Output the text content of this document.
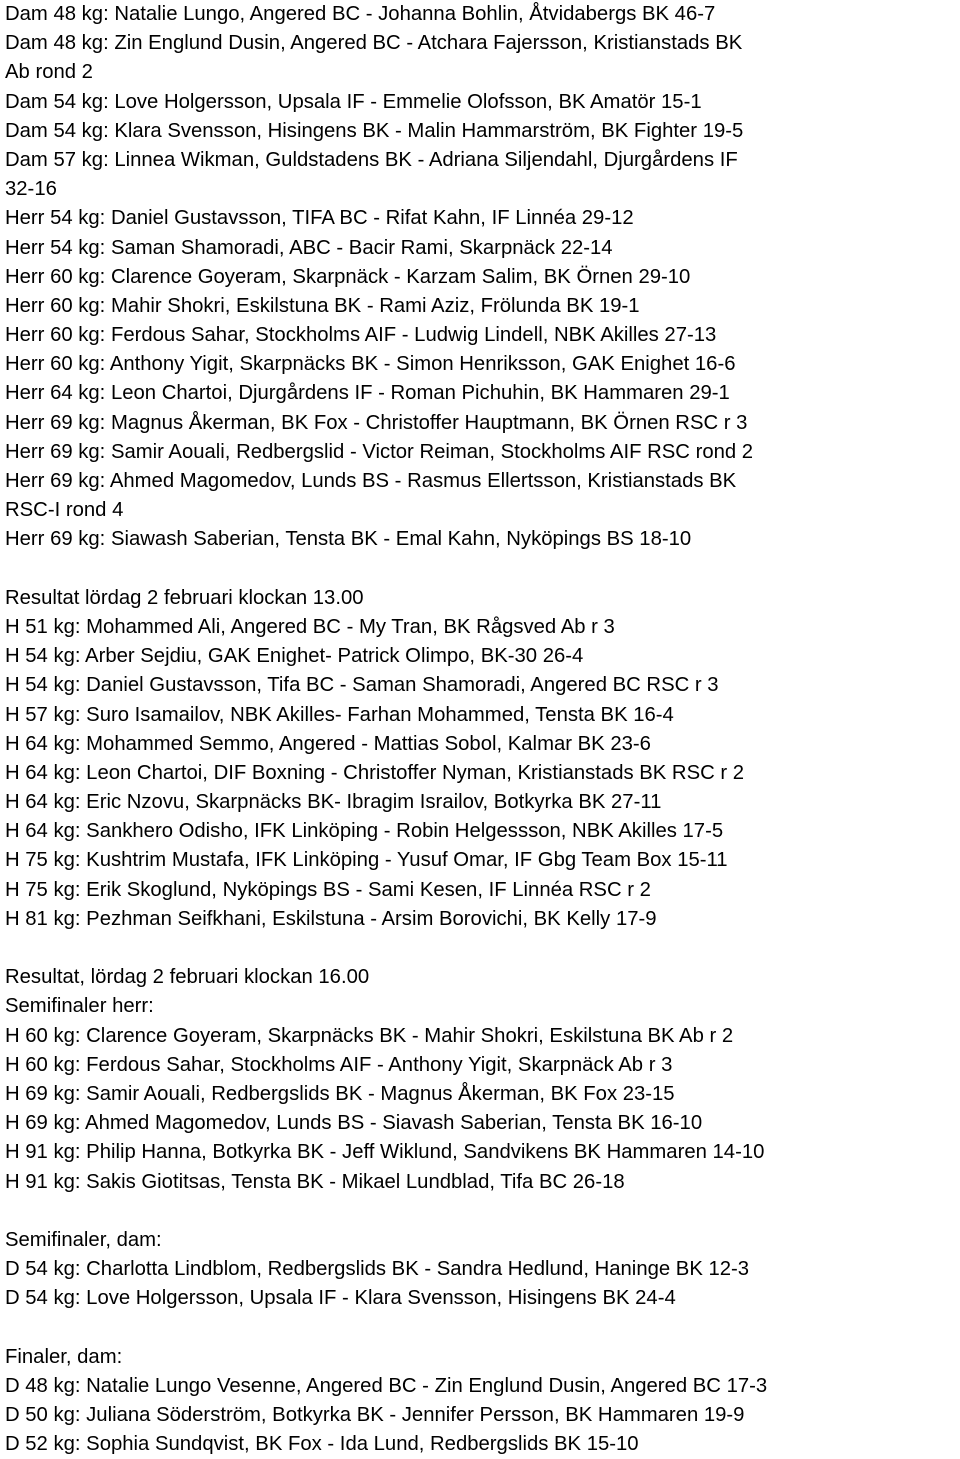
Dam 48 kg: Natalie Lungo, Angered BC - Johanna Bohlin, Åtvidabergs BK 46-7
Dam 48 kg: Zin Englund Dusin, Angered BC - Atchara Fajersson, Kristianstads BK
Ab rond 2
Dam 54 kg: Love Holgersson, Upsala IF - Emmelie Olofsson, BK Amatör 15-1
Dam 54 kg: Klara Svensson, Hisingens BK - Malin Hammarström, BK Fighter 19-5
Dam 57 kg: Linnea Wikman, Guldstadens BK - Adriana Siljendahl, Djurgårdens IF
32-16
Herr 54 kg: Daniel Gustavsson, TIFA BC - Rifat Kahn, IF Linnéa 29-12
Herr 54 kg: Saman Shamoradi, ABC - Bacir Rami, Skarpnäck 22-14
Herr 60 kg: Clarence Goyeram, Skarpnäck - Karzam Salim, BK Örnen 29-10
Herr 60 kg: Mahir Shokri, Eskilstuna BK - Rami Aziz, Frölunda BK 19-1
Herr 60 kg: Ferdous Sahar, Stockholms AIF - Ludwig Lindell, NBK Akilles 27-13
Herr 60 kg: Anthony Yigit, Skarpnäcks BK - Simon Henriksson, GAK Enighet 16-6
Herr 64 kg: Leon Chartoi, Djurgårdens IF - Roman Pichuhin, BK Hammaren 29-1
Herr 69 kg: Magnus Åkerman, BK Fox - Christoffer Hauptmann, BK Örnen RSC r 3
Herr 69 kg: Samir Aouali, Redbergslid - Victor Reiman, Stockholms AIF RSC rond 2
Herr 69 kg: Ahmed Magomedov, Lunds BS - Rasmus Ellertsson, Kristianstads BK
RSC-I rond 4
Herr 69 kg: Siawash Saberian, Tensta BK - Emal Kahn, Nyköpings BS 18-10
Resultat lördag 2 februari klockan 13.00
H 51 kg: Mohammed Ali, Angered BC - My Tran, BK Rågsved Ab r 3
H 54 kg: Arber Sejdiu, GAK Enighet- Patrick Olimpo, BK-30 26-4
H 54 kg: Daniel Gustavsson, Tifa BC - Saman Shamoradi, Angered BC RSC r 3
H 57 kg: Suro Isamailov, NBK Akilles- Farhan Mohammed, Tensta BK 16-4
H 64 kg: Mohammed Semmo, Angered - Mattias Sobol, Kalmar BK 23-6
H 64 kg: Leon Chartoi, DIF Boxning - Christoffer Nyman, Kristianstads BK RSC r 2
H 64 kg: Eric Nzovu, Skarpnäcks BK- Ibragim Israilov, Botkyrka BK 27-11
H 64 kg: Sankhero Odisho, IFK Linköping - Robin Helgessson, NBK Akilles 17-5
H 75 kg: Kushtrim Mustafa, IFK Linköping - Yusuf Omar, IF Gbg Team Box 15-11
H 75 kg: Erik Skoglund, Nyköpings BS - Sami Kesen, IF Linnéa RSC r 2
H 81 kg: Pezhman Seifkhani, Eskilstuna - Arsim Borovichi, BK Kelly 17-9
Resultat, lördag 2 februari klockan 16.00
Semifinaler herr:
H 60 kg: Clarence Goyeram, Skarpnäcks BK - Mahir Shokri, Eskilstuna BK Ab r 2
H 60 kg: Ferdous Sahar, Stockholms AIF - Anthony Yigit, Skarpnäck Ab r 3
H 69 kg: Samir Aouali, Redbergslids BK - Magnus Åkerman, BK Fox 23-15
H 69 kg: Ahmed Magomedov, Lunds BS - Siavash Saberian, Tensta BK 16-10
H 91 kg: Philip Hanna, Botkyrka BK - Jeff Wiklund, Sandvikens BK Hammaren 14-10
H 91 kg: Sakis Giotitsas, Tensta BK - Mikael Lundblad, Tifa BC 26-18
Semifinaler, dam:
D 54 kg: Charlotta Lindblom, Redbergslids BK - Sandra Hedlund, Haninge BK 12-3
D 54 kg: Love Holgersson, Upsala IF - Klara Svensson, Hisingens BK 24-4
Finaler, dam:
D 48 kg: Natalie Lungo Vesenne, Angered BC - Zin Englund Dusin, Angered BC 17-3
D 50 kg: Juliana Söderström, Botkyrka BK - Jennifer Persson, BK Hammaren 19-9
D 52 kg: Sophia Sundqvist, BK Fox - Ida Lund, Redbergslids BK 15-10
